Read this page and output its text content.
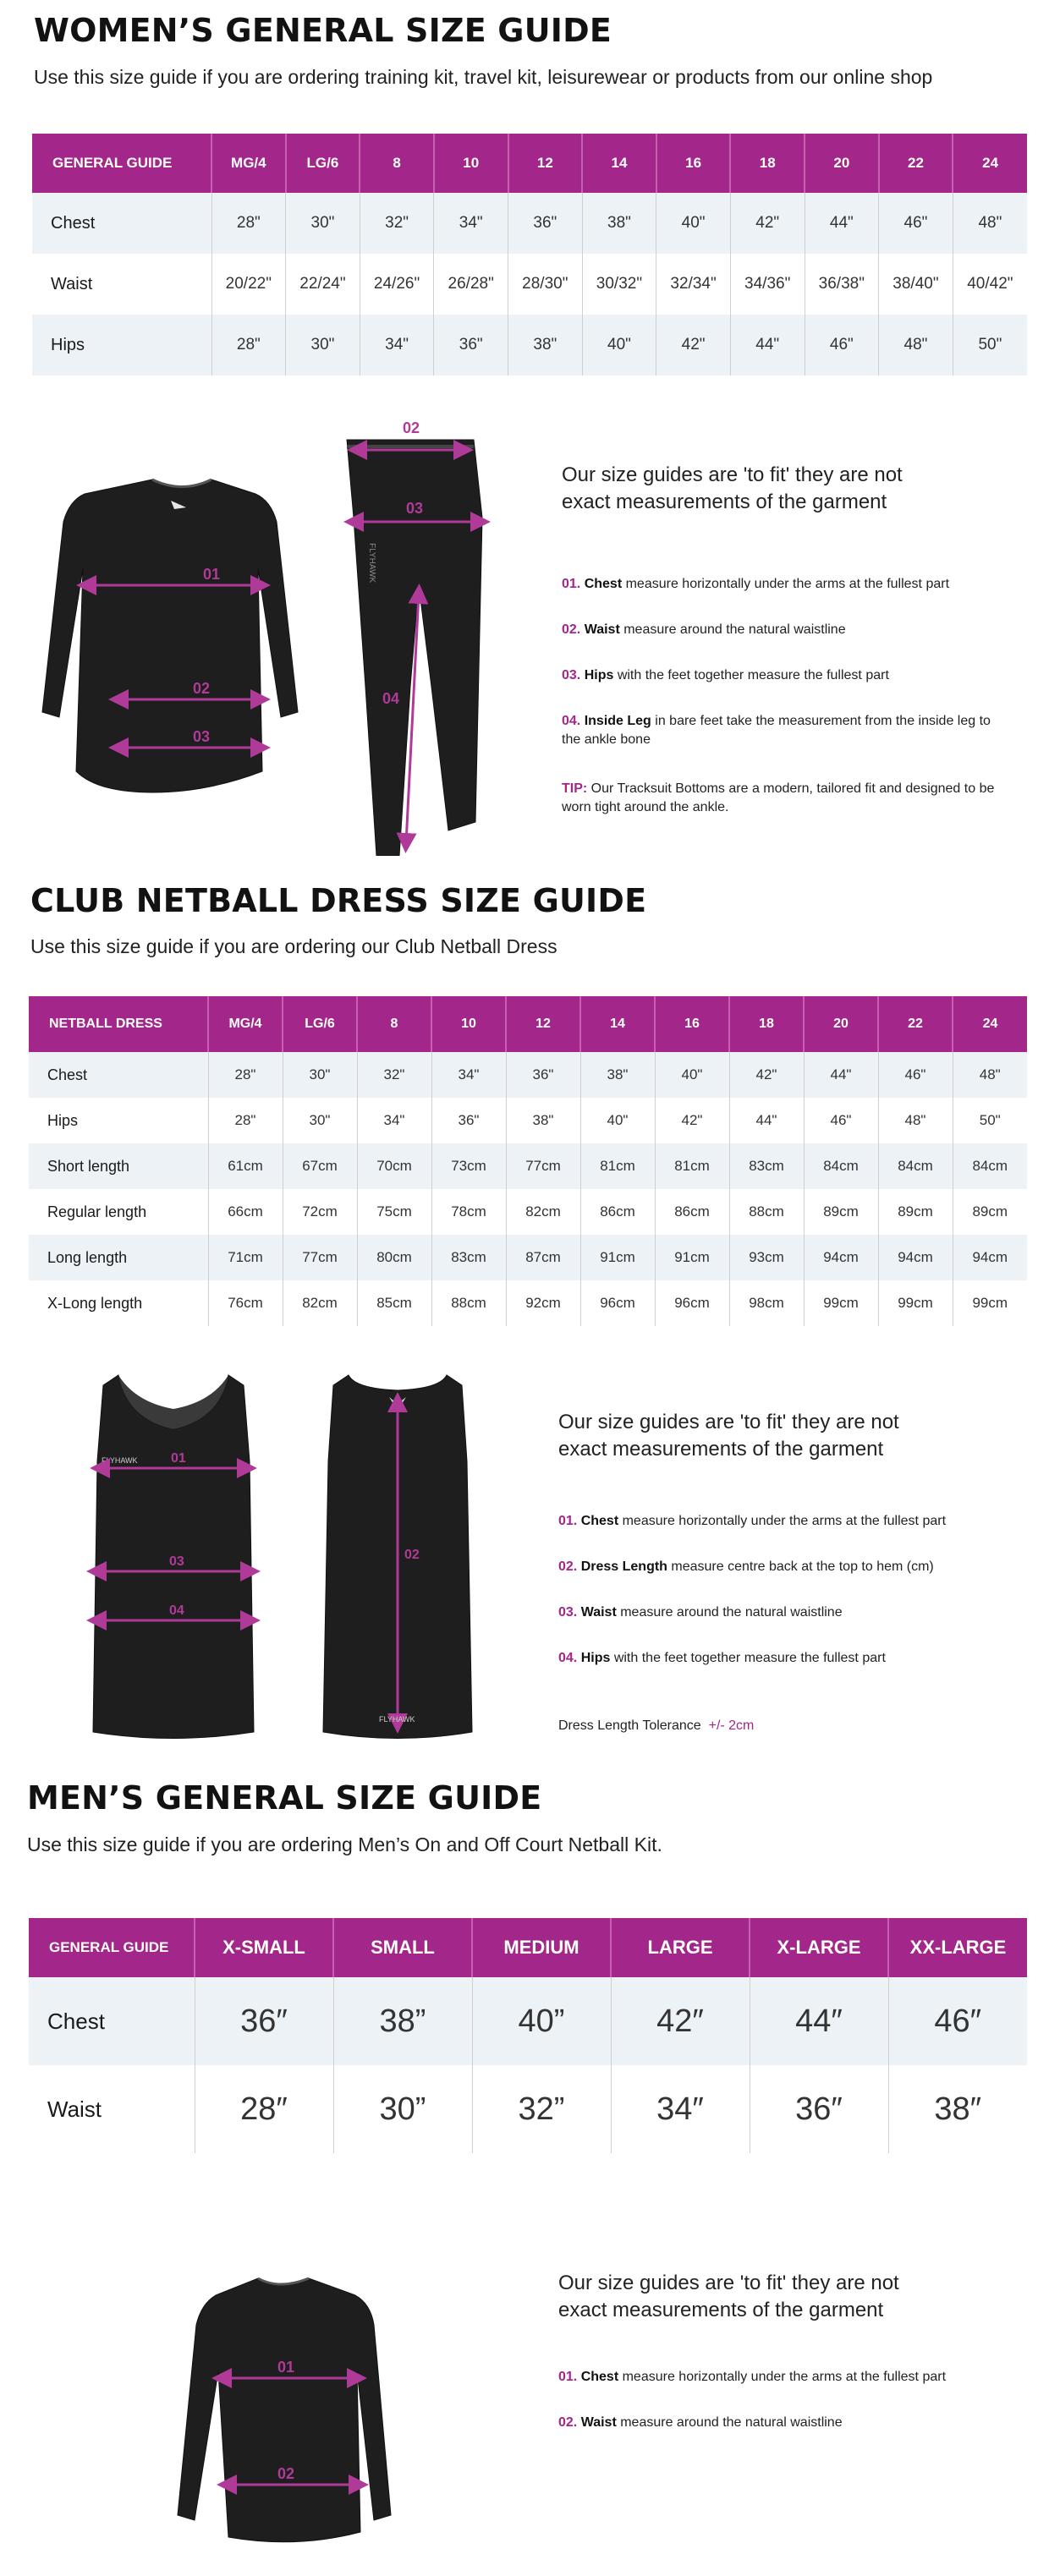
WOMEN’S GENERAL SIZE GUIDE
Use this size guide if you are ordering training kit, travel kit, leisurewear or products from our online shop
GENERAL GUIDE	MG/4	LG/6	8	10	12	14	16	18	20	22	24
Chest	28"	30"	32"	34"	36"	38"	40"	42"	44"	46"	48"
Waist	20/22"	22/24"	24/26"	26/28"	28/30"	30/32"	32/34"	34/36"	36/38"	38/40"	40/42"
Hips	28"	30"	34"	36"	38"	40"	42"	44"	46"	48"	50"
01
02
03
02
03
04
FLYHAWK
Our size guides are 'to fit' they are not
exact measurements of the garment
01. Chest measure horizontally under the arms at the fullest part
02. Waist measure around the natural waistline
03. Hips with the feet together measure the fullest part
04. Inside Leg in bare feet take the measurement from the inside leg to the ankle bone
TIP: Our Tracksuit Bottoms are a modern, tailored fit and designed to be worn tight around the ankle.
CLUB NETBALL DRESS SIZE GUIDE
Use this size guide if you are ordering our Club Netball Dress
NETBALL DRESS	MG/4	LG/6	8	10	12	14	16	18	20	22	24
Chest	28"	30"	32"	34"	36"	38"	40"	42"	44"	46"	48"
Hips	28"	30"	34"	36"	38"	40"	42"	44"	46"	48"	50"
Short length	61cm	67cm	70cm	73cm	77cm	81cm	81cm	83cm	84cm	84cm	84cm
Regular length	66cm	72cm	75cm	78cm	82cm	86cm	86cm	88cm	89cm	89cm	89cm
Long length	71cm	77cm	80cm	83cm	87cm	91cm	91cm	93cm	94cm	94cm	94cm
X-Long length	76cm	82cm	85cm	88cm	92cm	96cm	96cm	98cm	99cm	99cm	99cm
FLYHAWK 01
03
04
02
FLYHAWK
Our size guides are 'to fit' they are not
exact measurements of the garment
01. Chest measure horizontally under the arms at the fullest part
02. Dress Length measure centre back at the top to hem (cm)
03. Waist measure around the natural waistline
04. Hips with the feet together measure the fullest part
Dress Length Tolerance +/- 2cm
MEN’S GENERAL SIZE GUIDE
Use this size guide if you are ordering Men’s On and Off Court Netball Kit.
GENERAL GUIDE	X-SMALL	SMALL	MEDIUM	LARGE	X-LARGE	XX-LARGE
Chest	36″	38”	40”	42″	44″	46″
Waist	28″	30”	32”	34″	36″	38″
01
02
Our size guides are 'to fit' they are not
exact measurements of the garment
01. Chest measure horizontally under the arms at the fullest part
02. Waist measure around the natural waistline
